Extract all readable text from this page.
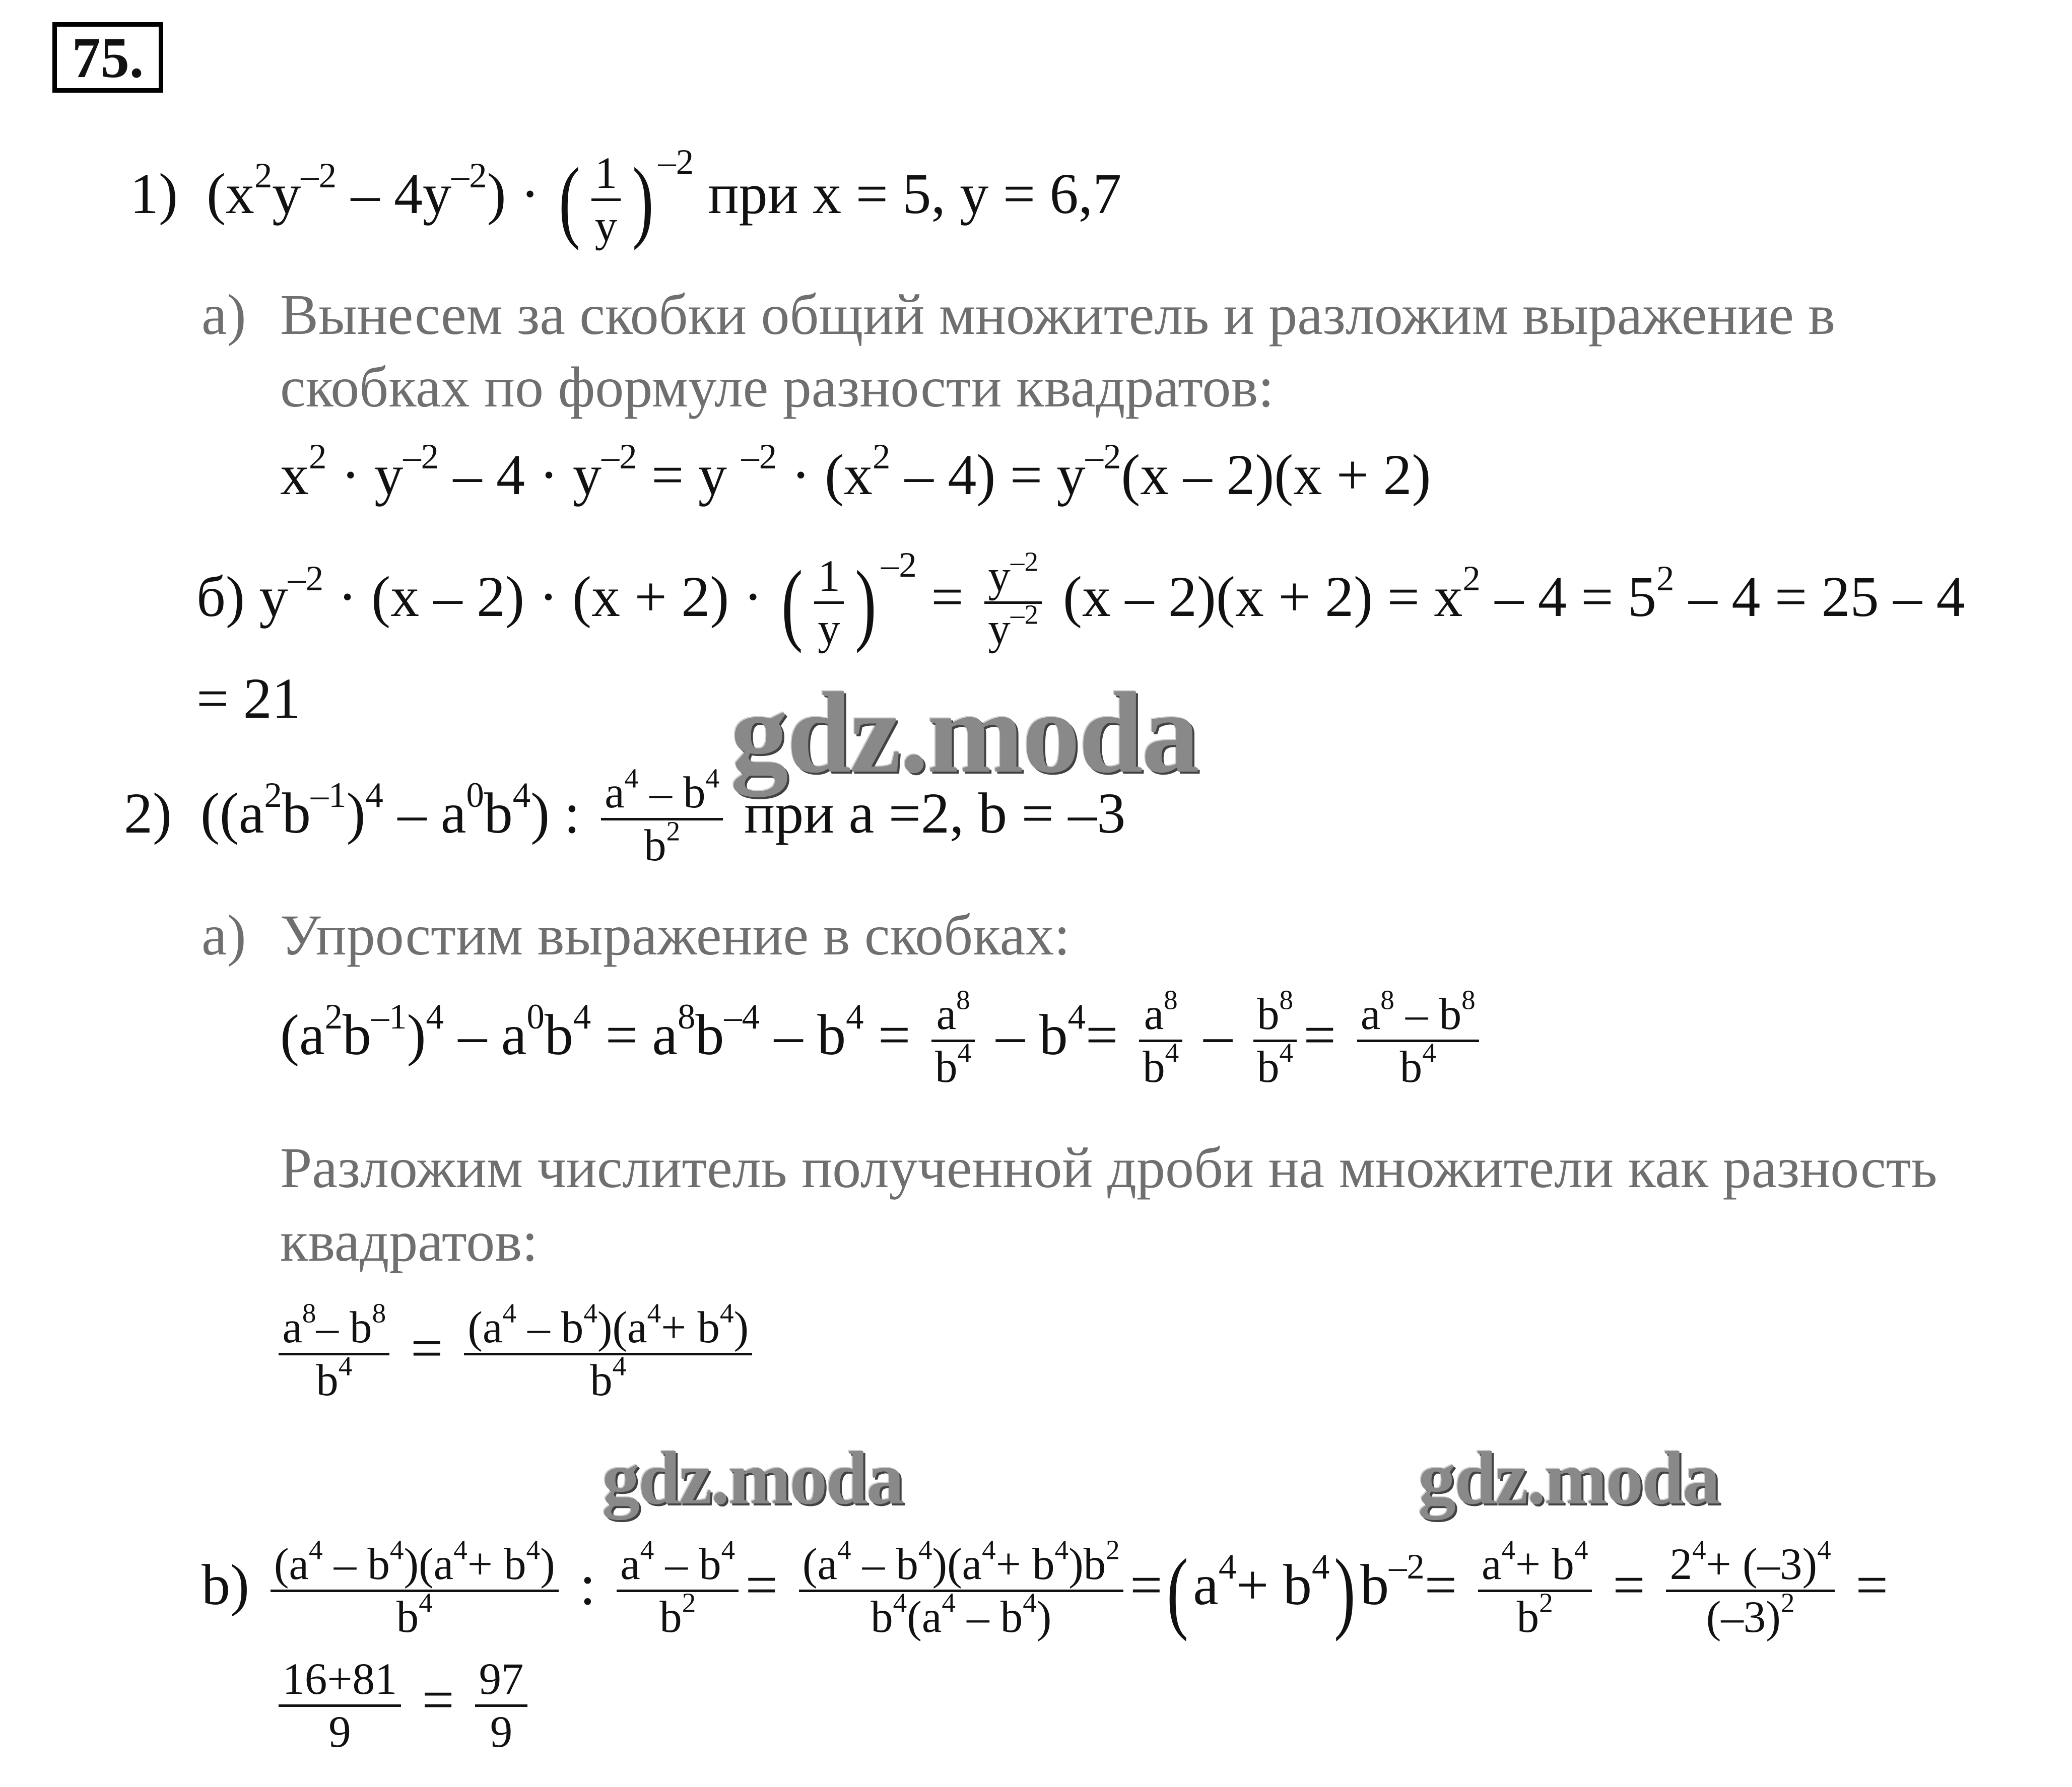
75.
1) $(x^2y^{-2} - 4y^{-2})$ · ( $\frac{1}{y}$ ) $^{-2}$ при x = 5, y = 6,7
а) Вынесем за скобки общий множитель и разложим выражение в
скобках по формуле разности квадратов:
$x^2 \cdot y^{-2} - 4 \cdot y^{-2} = y$ $^{-2} \cdot (x^2 - 4) = y^{-2}(x - 2)(x + 2)$
б) $y^{-2} \cdot (x - 2) \cdot (x + 2)$ · ( $\frac{1}{y}$ ) $^{-2} = \frac{y^{-2}}{y^{-2}} (x - 2)(x + 2) = x^2 - 4 = 5^2 - 4 = 25 - 4$
= 21
2) $((a^2b^{-1})^4 - a^0b^4)$ : $\frac{a^4 - b^4}{b^2}$ при a =2, b = –3
а) Упростим выражение в скобках:
$(a^2b^{-1})^4 - a^0b^4 = a^8b^{-4} - b^4 = \frac{a^8}{b^4} - b^4= \frac{a^8}{b^4} - \frac{b^8}{b^4} = \frac{a^8 - b^8}{b^4}$
Разложим числитель полученной дроби на множители как разность
квадратов:
$\frac{a^8- b^8}{b^4} = \frac{(a^4 - b^4)(a^4+ b^4)}{b^4}$
$b) \frac{(a^4 - b^4)(a^4+ b^4)}{b^4}$ : $\frac{a^4 - b^4}{b^2} = \frac{(a^4 - b^4)(a^4+ b^4)b^2}{b^4(a^4 - b^4)} =(a^4+ b^4)b^{-2}= \frac{a^4+ b^4}{b^2} = \frac{2^4+ (-3)^4}{(-3)^2}$ =
$\frac{16+81}{9} = \frac{97}{9}$
gdz.moda
gdz.moda	gdz.moda
